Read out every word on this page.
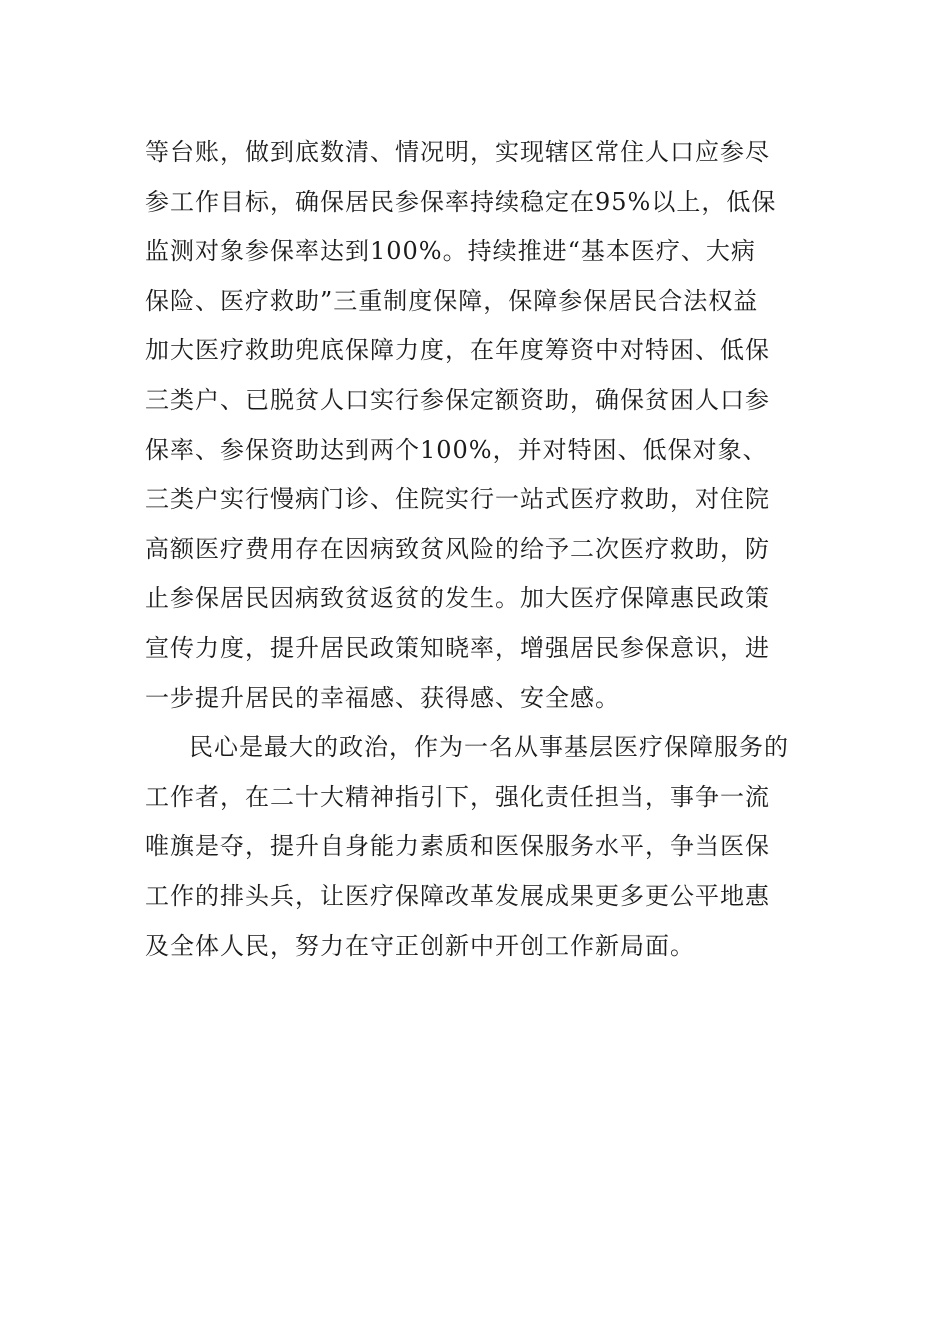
等台账，做到底数清、情况明，实现辖区常住人口应参尽
参工作目标，确保居民参保率持续稳定在95%以上，低保
监测对象参保率达到100%。持续推进“基本医疗、大病
保险、医疗救助”三重制度保障，保障参保居民合法权益
加大医疗救助兜底保障力度，在年度筹资中对特困、低保
三类户、已脱贫人口实行参保定额资助，确保贫困人口参
保率、参保资助达到两个100%，并对特困、低保对象、
三类户实行慢病门诊、住院实行一站式医疗救助，对住院
高额医疗费用存在因病致贫风险的给予二次医疗救助，防
止参保居民因病致贫返贫的发生。加大医疗保障惠民政策
宣传力度，提升居民政策知晓率，增强居民参保意识，进
一步提升居民的幸福感、获得感、安全感。
民心是最大的政治，作为一名从事基层医疗保障服务的
工作者，在二十大精神指引下，强化责任担当，事争一流
唯旗是夺，提升自身能力素质和医保服务水平，争当医保
工作的排头兵，让医疗保障改革发展成果更多更公平地惠
及全体人民，努力在守正创新中开创工作新局面。
